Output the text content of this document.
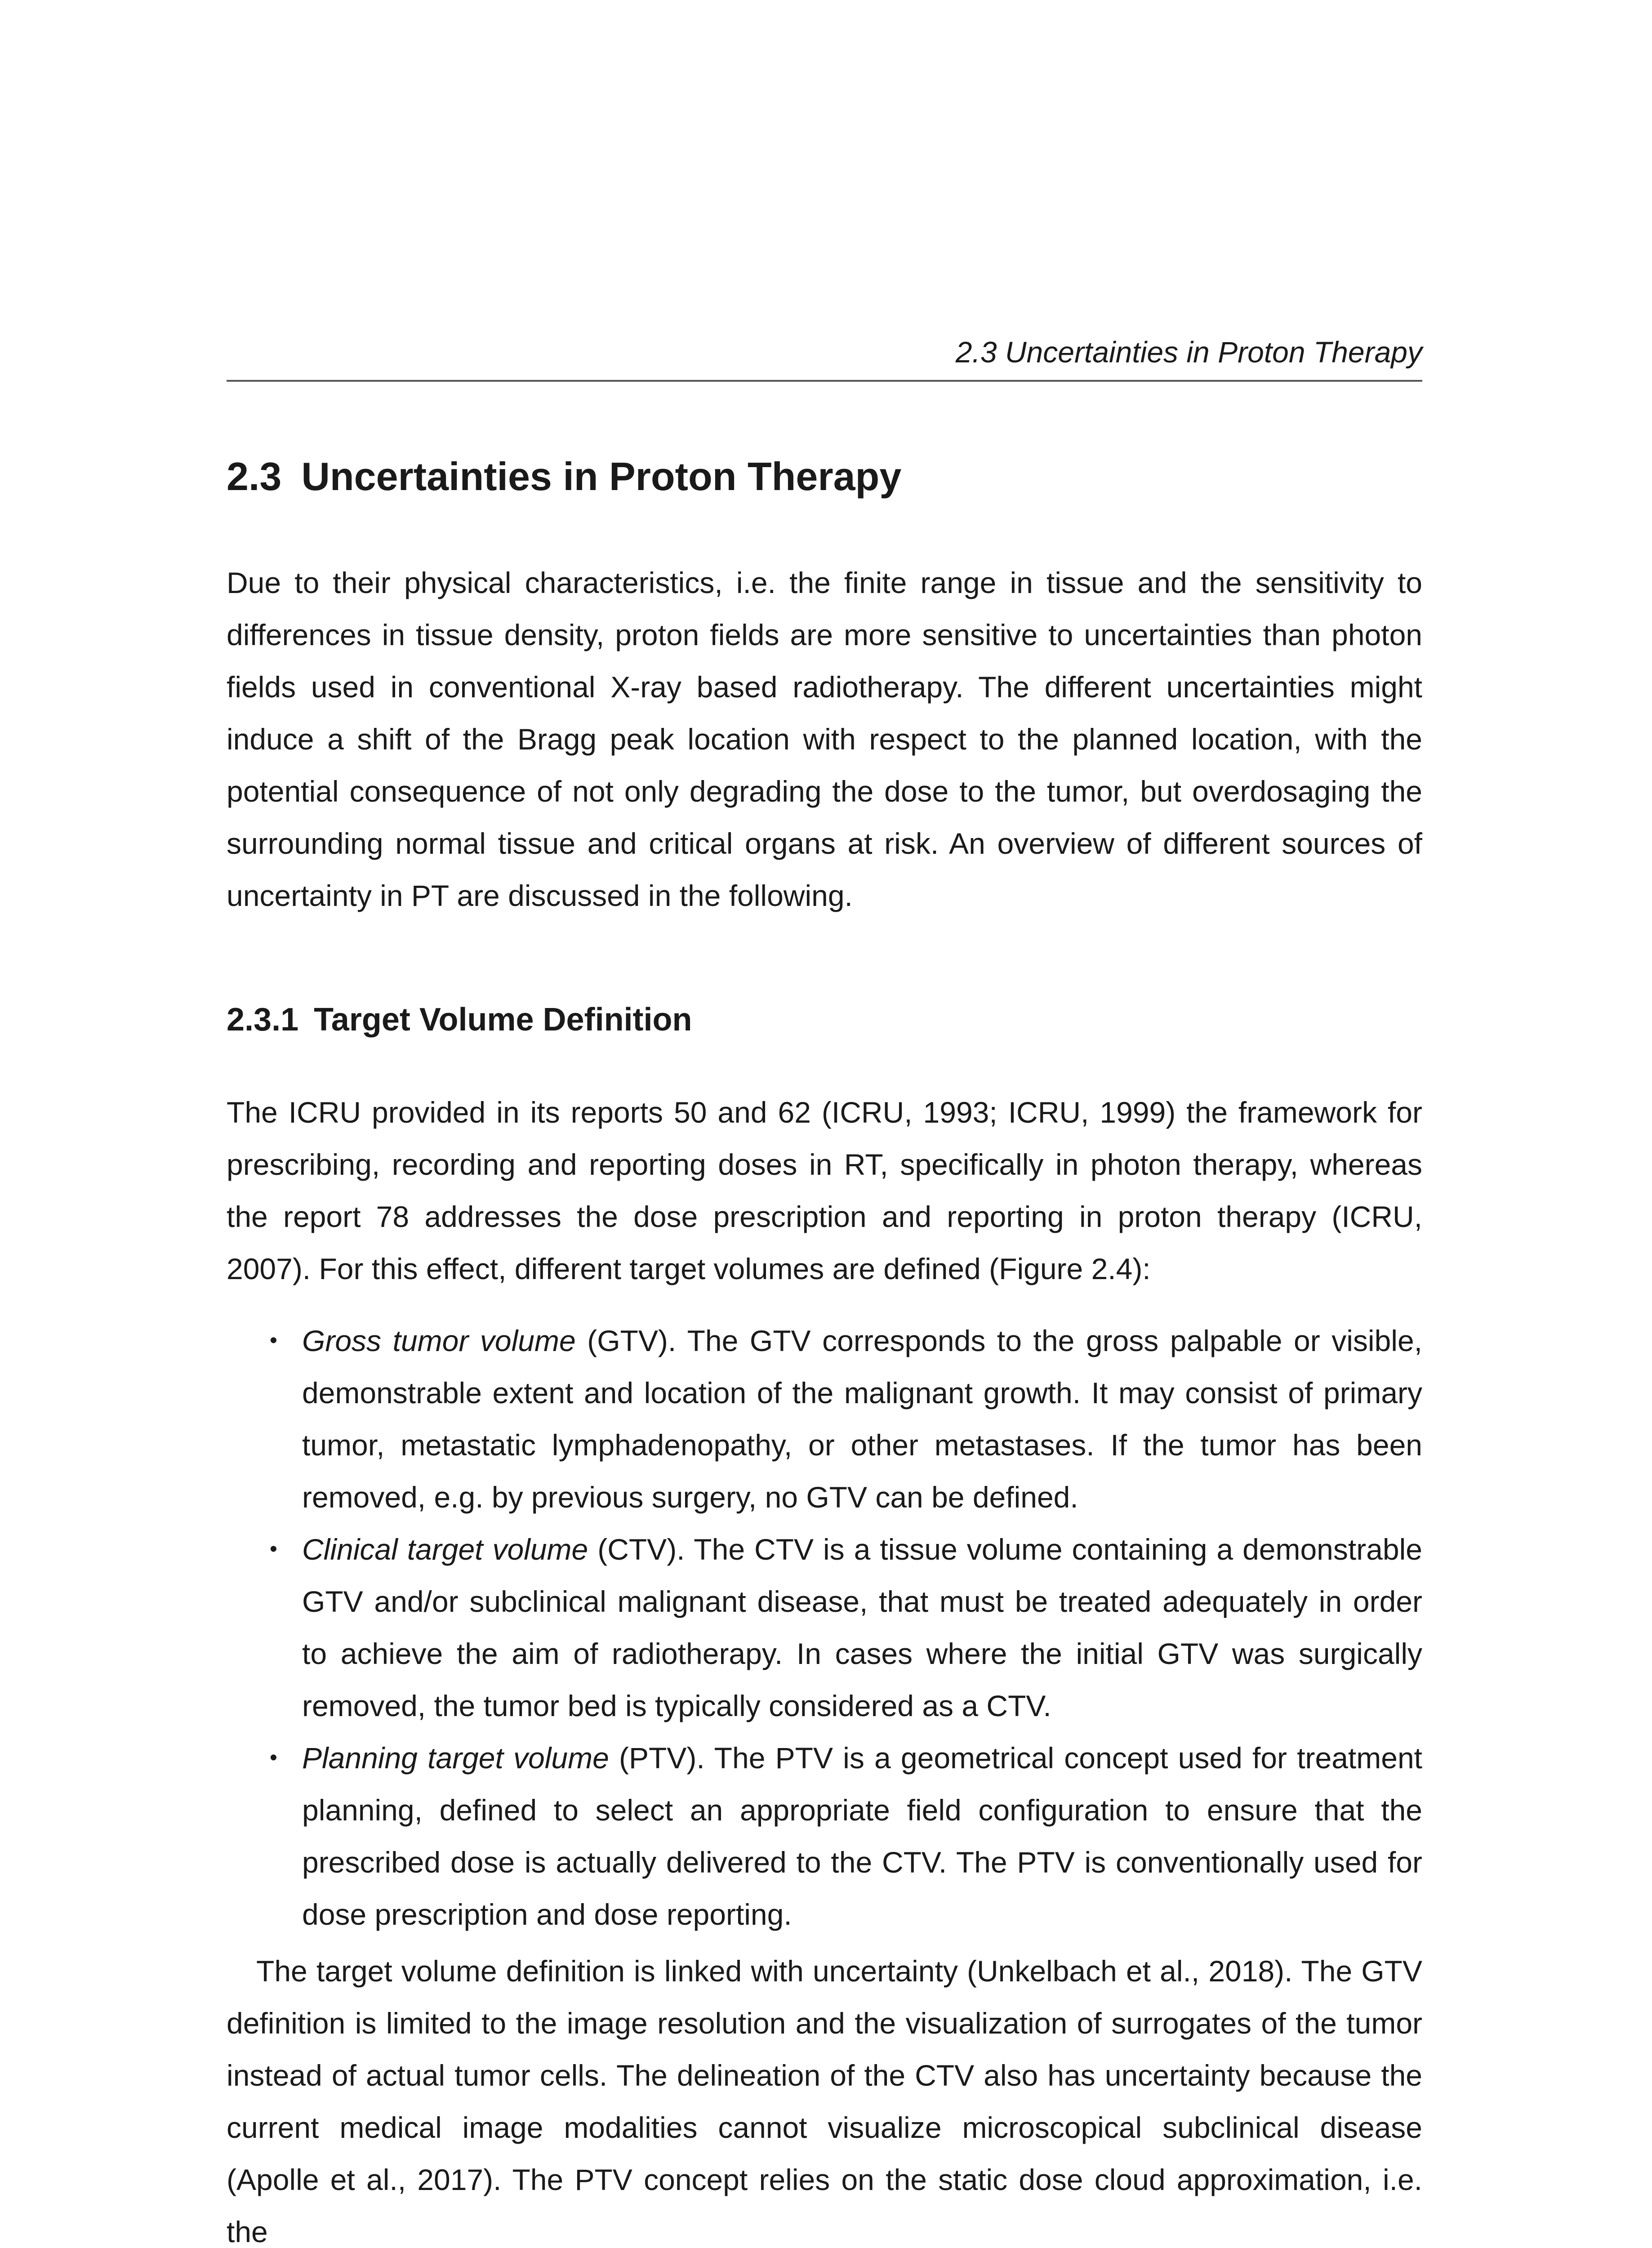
2.3 Uncertainties in Proton Therapy
2.3 Uncertainties in Proton Therapy

Due to their physical characteristics, i.e. the finite range in tissue and the sensitivity to differences in tissue density, proton fields are more sensitive to uncertainties than photon fields used in conventional X-ray based radiotherapy. The different uncertainties might induce a shift of the Bragg peak location with respect to the planned location, with the potential consequence of not only degrading the dose to the tumor, but overdosaging the surrounding normal tissue and critical organs at risk. An overview of different sources of uncertainty in PT are discussed in the following.

2.3.1 Target Volume Definition

The ICRU provided in its reports 50 and 62 (ICRU, 1993; ICRU, 1999) the framework for prescribing, recording and reporting doses in RT, specifically in photon therapy, whereas the report 78 addresses the dose prescription and reporting in proton therapy (ICRU, 2007). For this effect, different target volumes are defined (Figure 2.4):

• Gross tumor volume (GTV). The GTV corresponds to the gross palpable or visible, demonstrable extent and location of the malignant growth. It may consist of primary tumor, metastatic lymphadenopathy, or other metastases. If the tumor has been removed, e.g. by previous surgery, no GTV can be defined.
• Clinical target volume (CTV). The CTV is a tissue volume containing a demonstrable GTV and/or subclinical malignant disease, that must be treated adequately in order to achieve the aim of radiotherapy. In cases where the initial GTV was surgically removed, the tumor bed is typically considered as a CTV.
• Planning target volume (PTV). The PTV is a geometrical concept used for treatment planning, defined to select an appropriate field configuration to ensure that the prescribed dose is actually delivered to the CTV. The PTV is conventionally used for dose prescription and dose reporting.

The target volume definition is linked with uncertainty (Unkelbach et al., 2018). The GTV definition is limited to the image resolution and the visualization of surrogates of the tumor instead of actual tumor cells. The delineation of the CTV also has uncertainty because the current medical image modalities cannot visualize microscopical subclinical disease (Apolle et al., 2017). The PTV concept relies on the static dose cloud approximation, i.e. the
